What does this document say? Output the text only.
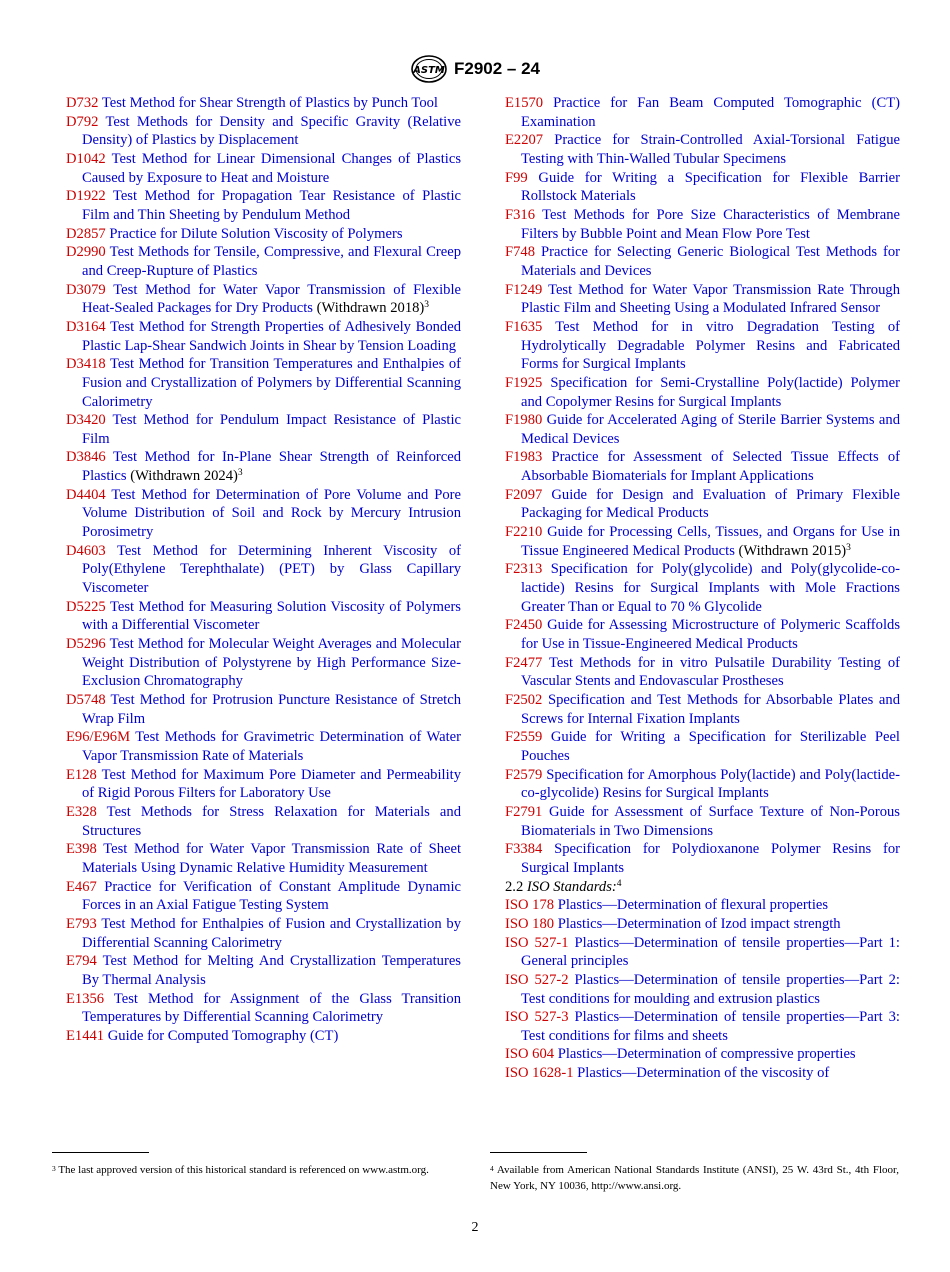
ASTM F2902 – 24

D732 Test Method for Shear Strength of Plastics by Punch Tool

D792 Test Methods for Density and Specific Gravity (Relative Density) of Plastics by Displacement

D1042 Test Method for Linear Dimensional Changes of Plastics Caused by Exposure to Heat and Moisture

D1922 Test Method for Propagation Tear Resistance of Plastic Film and Thin Sheeting by Pendulum Method

D2857 Practice for Dilute Solution Viscosity of Polymers

D2990 Test Methods for Tensile, Compressive, and Flexural Creep and Creep-Rupture of Plastics

D3079 Test Method for Water Vapor Transmission of Flexible Heat-Sealed Packages for Dry Products (Withdrawn 2018)$^3$

D3164 Test Method for Strength Properties of Adhesively Bonded Plastic Lap-Shear Sandwich Joints in Shear by Tension Loading

D3418 Test Method for Transition Temperatures and Enthalpies of Fusion and Crystallization of Polymers by Differential Scanning Calorimetry

D3420 Test Method for Pendulum Impact Resistance of Plastic Film

D3846 Test Method for In-Plane Shear Strength of Reinforced Plastics (Withdrawn 2024)$^3$

D4404 Test Method for Determination of Pore Volume and Pore Volume Distribution of Soil and Rock by Mercury Intrusion Porosimetry

D4603 Test Method for Determining Inherent Viscosity of Poly(Ethylene Terephthalate) (PET) by Glass Capillary Viscometer

D5225 Test Method for Measuring Solution Viscosity of Polymers with a Differential Viscometer

D5296 Test Method for Molecular Weight Averages and Molecular Weight Distribution of Polystyrene by High Performance Size-Exclusion Chromatography

D5748 Test Method for Protrusion Puncture Resistance of Stretch Wrap Film

E96/E96M Test Methods for Gravimetric Determination of Water Vapor Transmission Rate of Materials

E128 Test Method for Maximum Pore Diameter and Permeability of Rigid Porous Filters for Laboratory Use

E328 Test Methods for Stress Relaxation for Materials and Structures

E398 Test Method for Water Vapor Transmission Rate of Sheet Materials Using Dynamic Relative Humidity Measurement

E467 Practice for Verification of Constant Amplitude Dynamic Forces in an Axial Fatigue Testing System

E793 Test Method for Enthalpies of Fusion and Crystallization by Differential Scanning Calorimetry

E794 Test Method for Melting And Crystallization Temperatures By Thermal Analysis

E1356 Test Method for Assignment of the Glass Transition Temperatures by Differential Scanning Calorimetry

E1441 Guide for Computed Tomography (CT)

E1570 Practice for Fan Beam Computed Tomographic (CT) Examination

E2207 Practice for Strain-Controlled Axial-Torsional Fatigue Testing with Thin-Walled Tubular Specimens

F99 Guide for Writing a Specification for Flexible Barrier Rollstock Materials

F316 Test Methods for Pore Size Characteristics of Membrane Filters by Bubble Point and Mean Flow Pore Test

F748 Practice for Selecting Generic Biological Test Methods for Materials and Devices

F1249 Test Method for Water Vapor Transmission Rate Through Plastic Film and Sheeting Using a Modulated Infrared Sensor

F1635 Test Method for in vitro Degradation Testing of Hydrolytically Degradable Polymer Resins and Fabricated Forms for Surgical Implants

F1925 Specification for Semi-Crystalline Poly(lactide) Polymer and Copolymer Resins for Surgical Implants

F1980 Guide for Accelerated Aging of Sterile Barrier Systems and Medical Devices

F1983 Practice for Assessment of Selected Tissue Effects of Absorbable Biomaterials for Implant Applications

F2097 Guide for Design and Evaluation of Primary Flexible Packaging for Medical Products

F2210 Guide for Processing Cells, Tissues, and Organs for Use in Tissue Engineered Medical Products (Withdrawn 2015)$^3$

F2313 Specification for Poly(glycolide) and Poly(glycolide-co-lactide) Resins for Surgical Implants with Mole Fractions Greater Than or Equal to 70 % Glycolide

F2450 Guide for Assessing Microstructure of Polymeric Scaffolds for Use in Tissue-Engineered Medical Products

F2477 Test Methods for in vitro Pulsatile Durability Testing of Vascular Stents and Endovascular Prostheses

F2502 Specification and Test Methods for Absorbable Plates and Screws for Internal Fixation Implants

F2559 Guide for Writing a Specification for Sterilizable Peel Pouches

F2579 Specification for Amorphous Poly(lactide) and Poly(lactide-co-glycolide) Resins for Surgical Implants

F2791 Guide for Assessment of Surface Texture of Non-Porous Biomaterials in Two Dimensions

F3384 Specification for Polydioxanone Polymer Resins for Surgical Implants

2.2 ISO Standards:$^4$

ISO 178 Plastics—Determination of flexural properties

ISO 180 Plastics—Determination of Izod impact strength

ISO 527-1 Plastics—Determination of tensile properties—Part 1: General principles

ISO 527-2 Plastics—Determination of tensile properties—Part 2: Test conditions for moulding and extrusion plastics

ISO 527-3 Plastics—Determination of tensile properties—Part 3: Test conditions for films and sheets

ISO 604 Plastics—Determination of compressive properties

ISO 1628-1 Plastics—Determination of the viscosity of

$^3$ The last approved version of this historical standard is referenced on www.astm.org.	$^4$ Available from American National Standards Institute (ANSI), 25 W. 43rd St., 4th Floor, New York, NY 10036, http://www.ansi.org.
2
